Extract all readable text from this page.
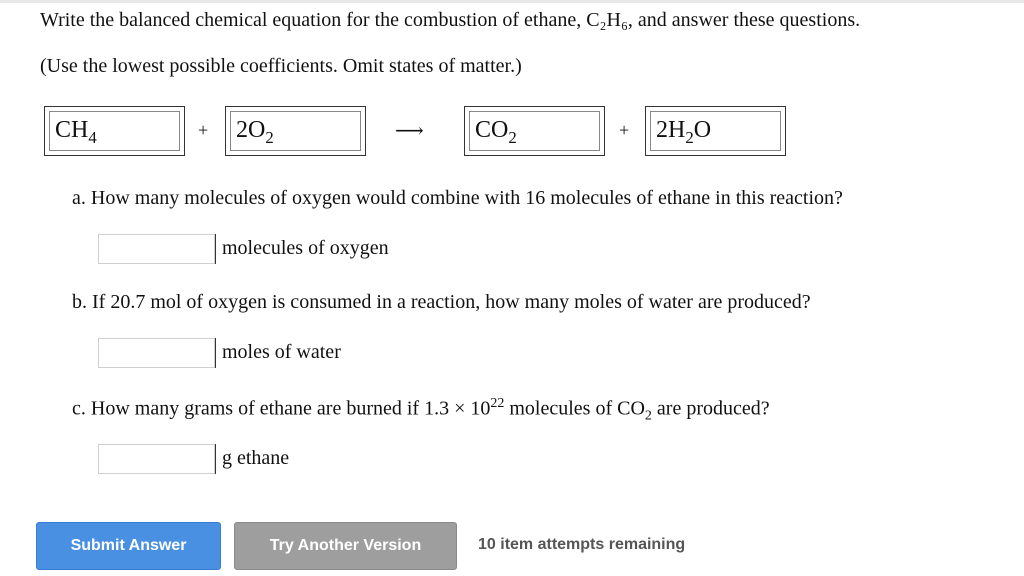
Write the balanced chemical equation for the combustion of ethane, C₂H₆, and answer these questions.
(Use the lowest possible coefficients. Omit states of matter.)
$CH_4$	+	$2O_2$	⟶	$CO_2$	+	$2H_2O$
a. How many molecules of oxygen would combine with 16 molecules of ethane in this reaction?
molecules of oxygen
b. If 20.7 mol of oxygen is consumed in a reaction, how many moles of water are produced?
moles of water
c. How many grams of ethane are burned if $1.3 \times 10^{22}$ molecules of $CO_2$ are produced?
g ethane
Submit Answer	Try Another Version	10 item attempts remaining
